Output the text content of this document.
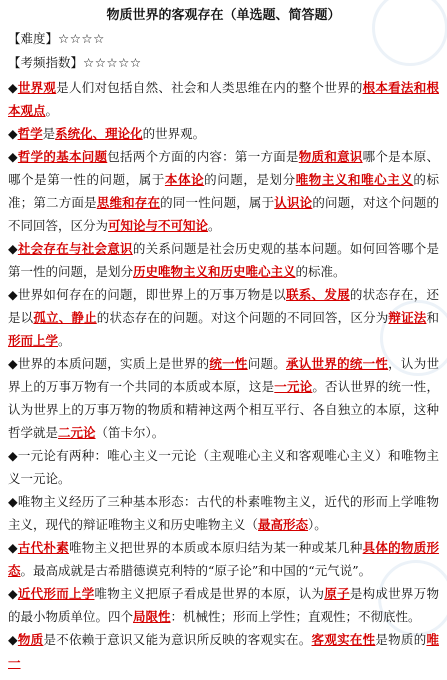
物质世界的客观存在（单选题、简答题）
【难度】☆☆☆☆
【考频指数】☆☆☆☆☆

◆世界观是人们对包括自然、社会和人类思维在内的整个世界的根本看法和根本观点。

◆哲学是系统化、理论化的世界观。

◆哲学的基本问题包括两个方面的内容：第一方面是物质和意识哪个是本原、哪个是第一性的问题，属于本体论的问题，是划分唯物主义和唯心主义的标准；第二方面是思维和存在的同一性问题，属于认识论的问题，对这个问题的不同回答，区分为可知论与不可知论。

◆社会存在与社会意识的关系问题是社会历史观的基本问题。如何回答哪个是第一性的问题，是划分历史唯物主义和历史唯心主义的标准。

◆世界如何存在的问题，即世界上的万事万物是以联系、发展的状态存在，还是以孤立、静止的状态存在的问题。对这个问题的不同回答，区分为辩证法和形而上学。

◆世界的本质问题，实质上是世界的统一性问题。承认世界的统一性，认为世界上的万事万物有一个共同的本质或本原，这是一元论。否认世界的统一性，认为世界上的万事万物的物质和精神这两个相互平行、各自独立的本原，这种哲学就是二元论（笛卡尔）。

◆一元论有两种：唯心主义一元论（主观唯心主义和客观唯心主义）和唯物主义一元论。

◆唯物主义经历了三种基本形态：古代的朴素唯物主义，近代的形而上学唯物主义，现代的辩证唯物主义和历史唯物主义（最高形态）。

◆古代朴素唯物主义把世界的本质或本原归结为某一种或某几种具体的物质形态。最高成就是古希腊德谟克利特的“原子论”和中国的“元气说”。

◆近代形而上学唯物主义把原子看成是世界的本原，认为原子是构成世界万物的最小物质单位。四个局限性：机械性；形而上学性；直观性；不彻底性。

◆物质是不依赖于意识又能为意识所反映的客观实在。客观实在性是物质的唯一
